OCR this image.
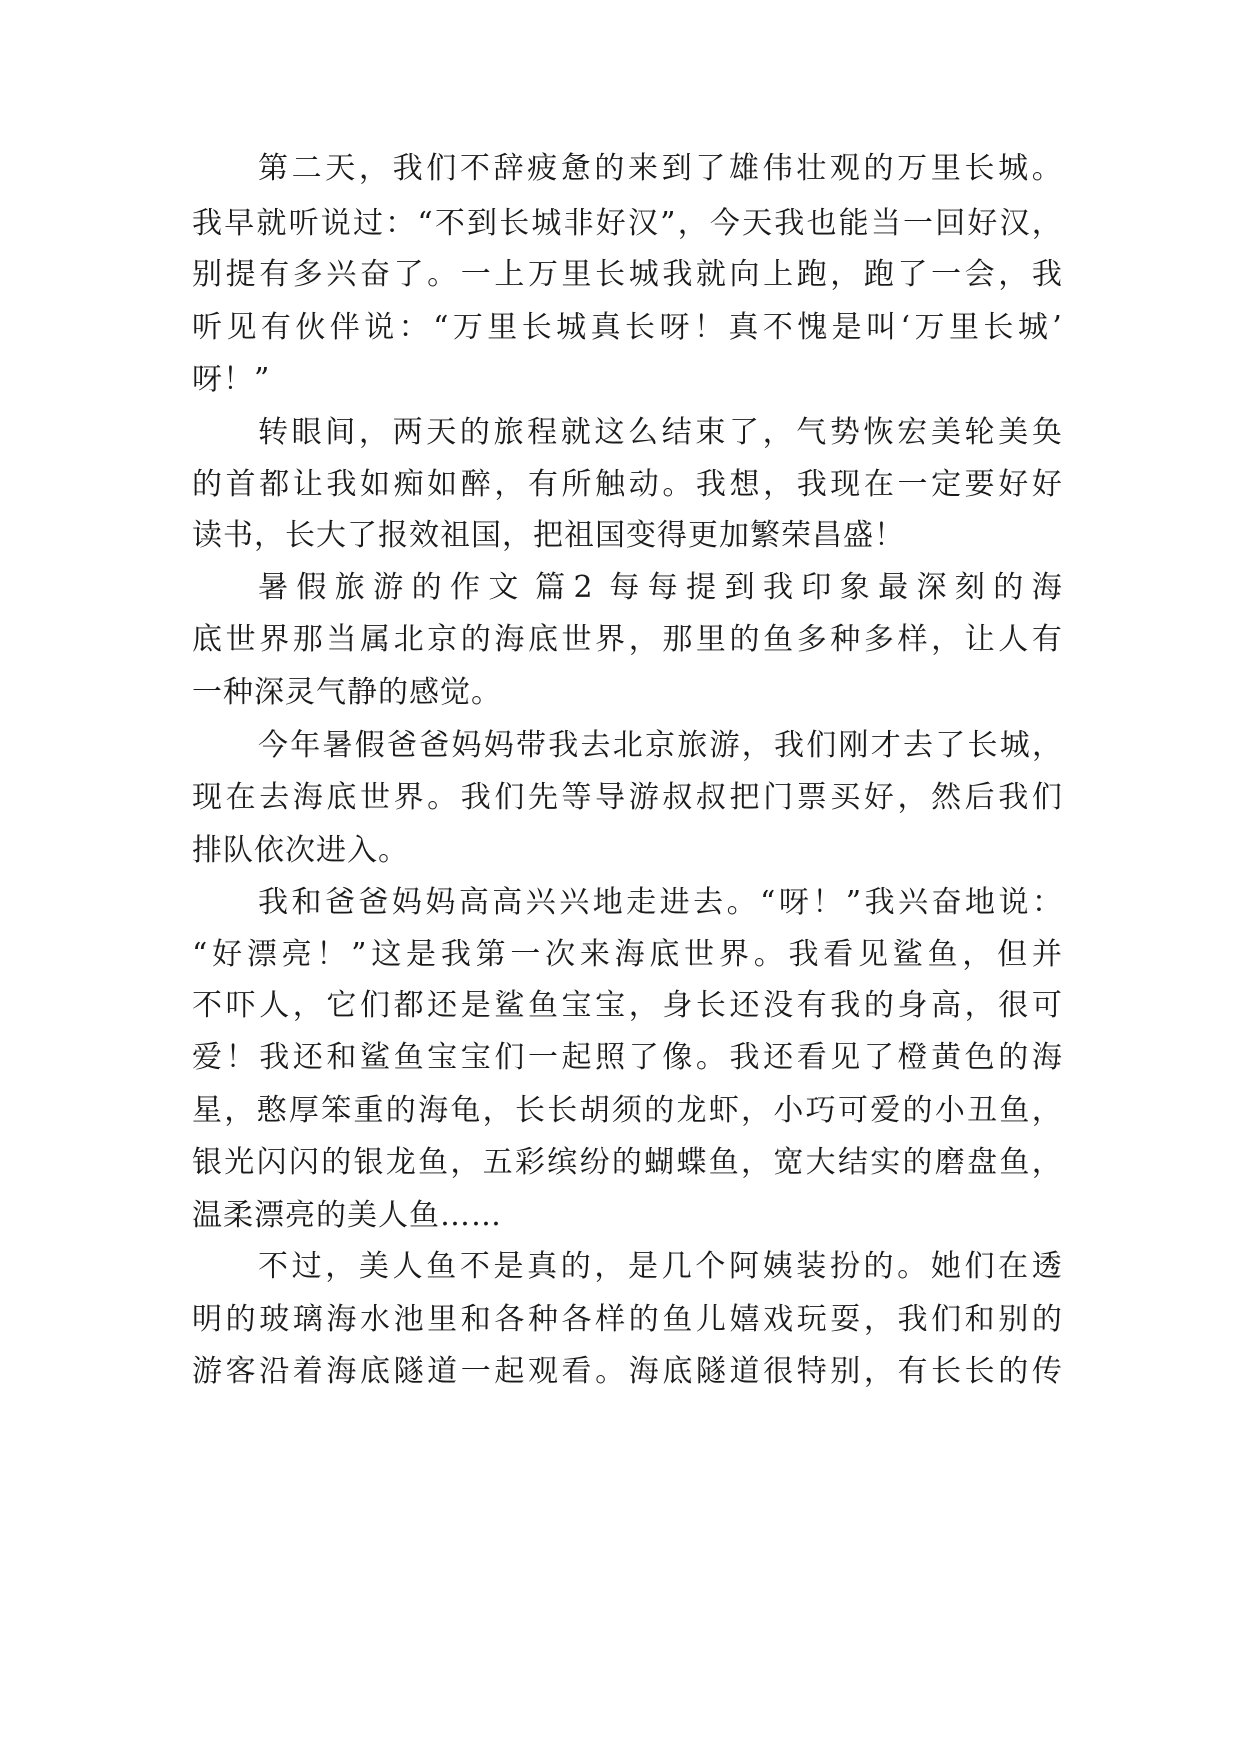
第 二 天 ， 我 们 不 辞 疲 惫 的 来 到 了 雄 伟 壮 观 的 万 里 长 城 。
我 早 就 听 说 过 ： “ 不 到 长 城 非 好 汉 ” ， 今 天 我 也 能 当 一 回 好 汉 ，
别 提 有 多 兴 奋 了 。 一 上 万 里 长 城 我 就 向 上 跑 ， 跑 了 一 会 ， 我
听 见 有 伙 伴 说 ： “ 万 里 长 城 真 长 呀 ！ 真 不 愧 是 叫 ‘ 万 里 长 城 ’
呀 ！ ”
转 眼 间 ， 两 天 的 旅 程 就 这 么 结 束 了 ， 气 势 恢 宏 美 轮 美 奂
的 首 都 让 我 如 痴 如 醉 ， 有 所 触 动 。 我 想 ， 我 现 在 一 定 要 好 好
读 书 ， 长 大 了 报 效 祖 国 ， 把 祖 国 变 得 更 加 繁 荣 昌 盛 ！
暑 假 旅 游 的 作 文 篇 2 每 每 提 到 我 印 象 最 深 刻 的 海
底 世 界 那 当 属 北 京 的 海 底 世 界 ， 那 里 的 鱼 多 种 多 样 ， 让 人 有
一 种 深 灵 气 静 的 感 觉 。
今 年 暑 假 爸 爸 妈 妈 带 我 去 北 京 旅 游 ， 我 们 刚 才 去 了 长 城 ，
现 在 去 海 底 世 界 。 我 们 先 等 导 游 叔 叔 把 门 票 买 好 ， 然 后 我 们
排 队 依 次 进 入 。
我 和 爸 爸 妈 妈 高 高 兴 兴 地 走 进 去 。 “ 呀 ！ ” 我 兴 奋 地 说 ：
“ 好 漂 亮 ！ ” 这 是 我 第 一 次 来 海 底 世 界 。 我 看 见 鲨 鱼 ， 但 并
不 吓 人 ， 它 们 都 还 是 鲨 鱼 宝 宝 ， 身 长 还 没 有 我 的 身 高 ， 很 可
爱 ！ 我 还 和 鲨 鱼 宝 宝 们 一 起 照 了 像 。 我 还 看 见 了 橙 黄 色 的 海
星 ， 憨 厚 笨 重 的 海 龟 ， 长 长 胡 须 的 龙 虾 ， 小 巧 可 爱 的 小 丑 鱼 ，
银 光 闪 闪 的 银 龙 鱼 ， 五 彩 缤 纷 的 蝴 蝶 鱼 ， 宽 大 结 实 的 磨 盘 鱼 ，
温 柔 漂 亮 的 美 人 鱼 … …
不 过 ， 美 人 鱼 不 是 真 的 ， 是 几 个 阿 姨 装 扮 的 。 她 们 在 透
明 的 玻 璃 海 水 池 里 和 各 种 各 样 的 鱼 儿 嬉 戏 玩 耍 ， 我 们 和 别 的
游 客 沿 着 海 底 隧 道 一 起 观 看 。 海 底 隧 道 很 特 别 ， 有 长 长 的 传
